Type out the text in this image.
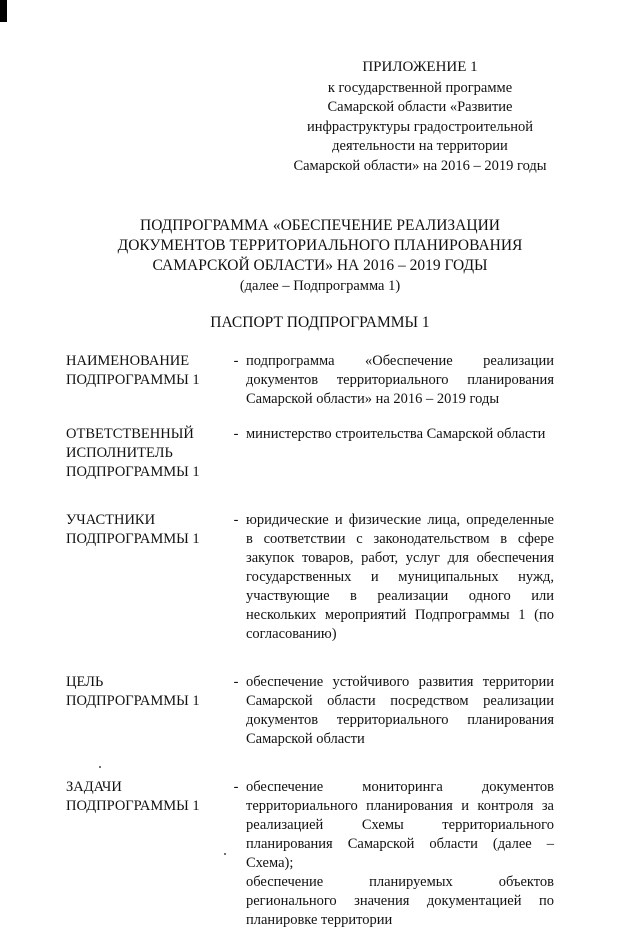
ПРИЛОЖЕНИЕ 1
к государственной программе
Самарской области «Развитие
инфраструктуры градостроительной
деятельности на территории
Самарской области» на 2016 – 2019 годы
ПОДПРОГРАММА «ОБЕСПЕЧЕНИЕ РЕАЛИЗАЦИИ
ДОКУМЕНТОВ ТЕРРИТОРИАЛЬНОГО ПЛАНИРОВАНИЯ
САМАРСКОЙ ОБЛАСТИ» НА 2016 – 2019 ГОДЫ
(далее – Подпрограмма 1)
ПАСПОРТ ПОДПРОГРАММЫ 1
НАИМЕНОВАНИЕ
ПОДПРОГРАММЫ 1
- подпрограмма «Обеспечение реализации документов территориального планирования Самарской области» на 2016 – 2019 годы
ОТВЕТСТВЕННЫЙ
ИСПОЛНИТЕЛЬ
ПОДПРОГРАММЫ 1
- министерство строительства Самарской области
УЧАСТНИКИ
ПОДПРОГРАММЫ 1
- юридические и физические лица, определенные в соответствии с законодательством в сфере закупок товаров, работ, услуг для обеспечения государственных и муниципальных нужд, участвующие в реализации одного или нескольких мероприятий Подпрограммы 1 (по согласованию)
ЦЕЛЬ
ПОДПРОГРАММЫ 1
- обеспечение устойчивого развития территории Самарской области посредством реализации документов территориального планирования Самарской области
ЗАДАЧИ
ПОДПРОГРАММЫ 1
- обеспечение мониторинга документов территориального планирования и контроля за реализацией Схемы территориального планирования Самарской области (далее – Схема);
обеспечение планируемых объектов регионального значения документацией по планировке территории
